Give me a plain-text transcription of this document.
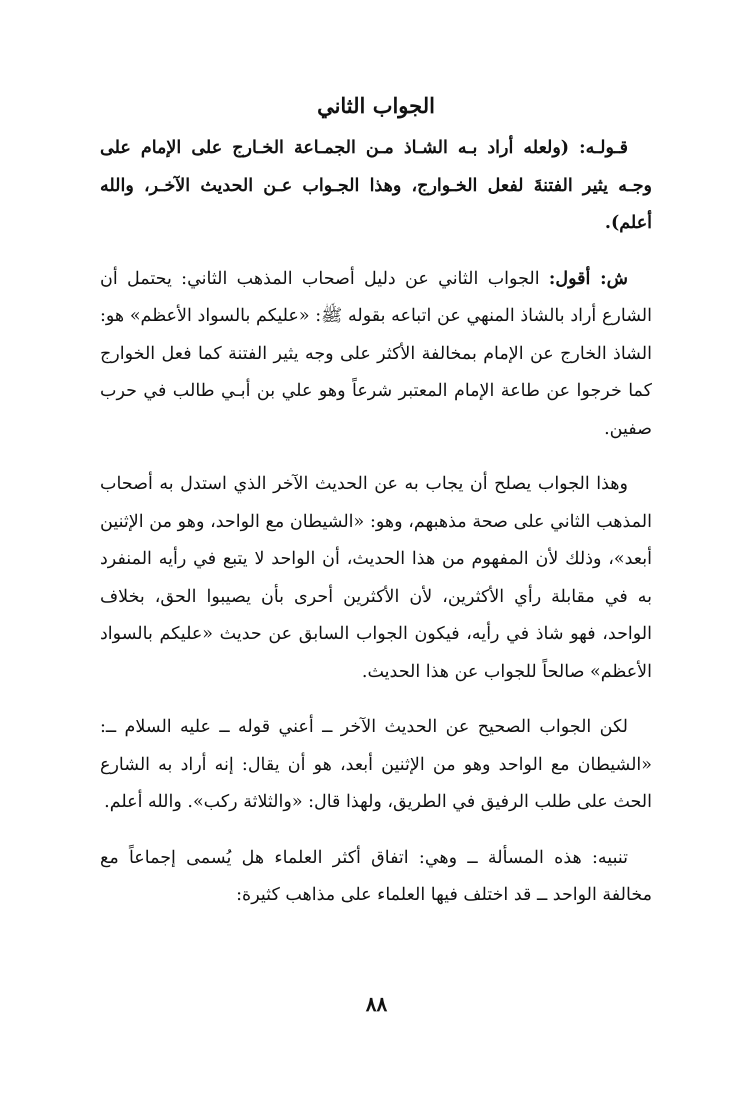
الجواب الثاني

قـولـه: (ولعله أراد بـه الشـاذ مـن الجمـاعة الخـارج على الإمام على وجـه يثير الفتنةَ لفعل الخـوارج، وهذا الجـواب عـن الحديث الآخـر، والله أعلم).

ش: أقول: الجواب الثاني عن دليل أصحاب المذهب الثاني: يحتمل أن الشارع أراد بالشاذ المنهي عن اتباعه بقوله ﷺ: «عليكم بالسواد الأعظم» هو: الشاذ الخارج عن الإمام بمخالفة الأكثر على وجه يثير الفتنة كما فعل الخوارج كما خرجوا عن طاعة الإمام المعتبر شرعاً وهو علي بن أبـي طالب في حرب صفين.

وهذا الجواب يصلح أن يجاب به عن الحديث الآخر الذي استدل به أصحاب المذهب الثاني على صحة مذهبهم، وهو: «الشيطان مع الواحد، وهو من الإثنين أبعد»، وذلك لأن المفهوم من هذا الحديث، أن الواحد لا يتبع في رأيه المنفرد به في مقابلة رأي الأكثرين، لأن الأكثرين أحرى بأن يصيبوا الحق، بخلاف الواحد، فهو شاذ في رأيه، فيكون الجواب السابق عن حديث «عليكم بالسواد الأعظم» صالحاً للجواب عن هذا الحديث.

لكن الجواب الصحيح عن الحديث الآخر ــ أعني قوله ــ عليه السلام ــ: «الشيطان مع الواحد وهو من الإثنين أبعد، هو أن يقال: إنه أراد به الشارع الحث على طلب الرفيق في الطريق، ولهذا قال: «والثلاثة ركب». والله أعلم.

تنبيه: هذه المسألة ــ وهي: اتفاق أكثر العلماء هل يُسمى إجماعاً مع مخالفة الواحد ــ قد اختلف فيها العلماء على مذاهب كثيرة:

٨٨
